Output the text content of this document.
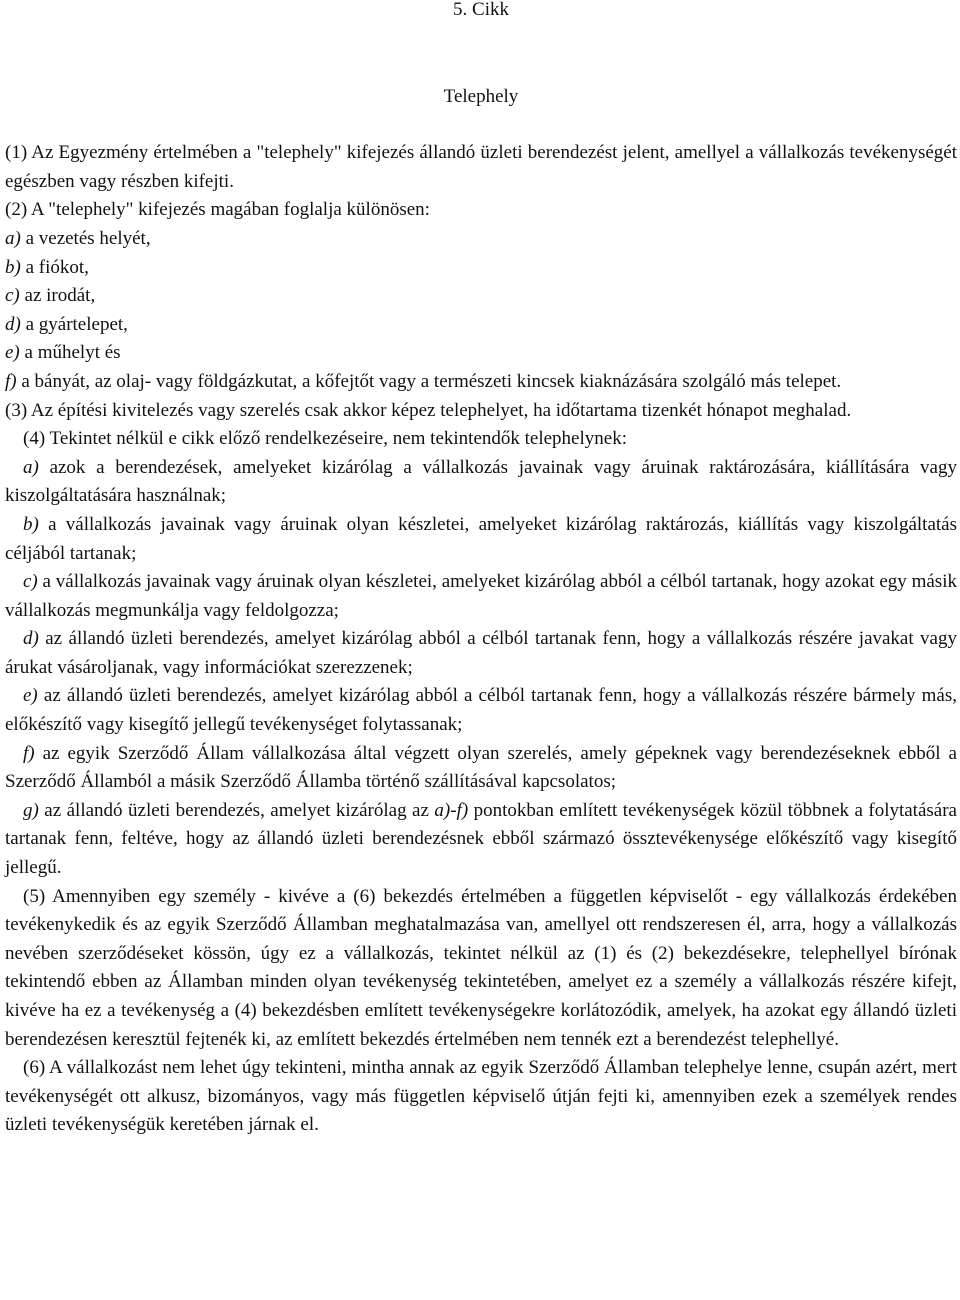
5. Cikk

Telephely

(1) Az Egyezmény értelmében a "telephely" kifejezés állandó üzleti berendezést jelent, amellyel a vállalkozás tevékenységét egészben vagy részben kifejti.

(2) A "telephely" kifejezés magában foglalja különösen:

a) a vezetés helyét,

b) a fiókot,

c) az irodát,

d) a gyártelepet,

e) a műhelyt és

f) a bányát, az olaj- vagy földgázkutat, a kőfejtőt vagy a természeti kincsek kiaknázására szolgáló más telepet.

(3) Az építési kivitelezés vagy szerelés csak akkor képez telephelyet, ha időtartama tizenkét hónapot meghalad.

(4) Tekintet nélkül e cikk előző rendelkezéseire, nem tekintendők telephelynek:

a) azok a berendezések, amelyeket kizárólag a vállalkozás javainak vagy áruinak raktározására, kiállítására vagy kiszolgáltatására használnak;

b) a vállalkozás javainak vagy áruinak olyan készletei, amelyeket kizárólag raktározás, kiállítás vagy kiszolgáltatás céljából tartanak;

c) a vállalkozás javainak vagy áruinak olyan készletei, amelyeket kizárólag abból a célból tartanak, hogy azokat egy másik vállalkozás megmunkálja vagy feldolgozza;

d) az állandó üzleti berendezés, amelyet kizárólag abból a célból tartanak fenn, hogy a vállalkozás részére javakat vagy árukat vásároljanak, vagy információkat szerezzenek;

e) az állandó üzleti berendezés, amelyet kizárólag abból a célból tartanak fenn, hogy a vállalkozás részére bármely más, előkészítő vagy kisegítő jellegű tevékenységet folytassanak;

f) az egyik Szerződő Állam vállalkozása által végzett olyan szerelés, amely gépeknek vagy berendezéseknek ebből a Szerződő Államból a másik Szerződő Államba történő szállításával kapcsolatos;

g) az állandó üzleti berendezés, amelyet kizárólag az a)-f) pontokban említett tevékenységek közül többnek a folytatására tartanak fenn, feltéve, hogy az állandó üzleti berendezésnek ebből származó össztevékenysége előkészítő vagy kisegítő jellegű.

(5) Amennyiben egy személy - kivéve a (6) bekezdés értelmében a független képviselőt - egy vállalkozás érdekében tevékenykedik és az egyik Szerződő Államban meghatalmazása van, amellyel ott rendszeresen él, arra, hogy a vállalkozás nevében szerződéseket kössön, úgy ez a vállalkozás, tekintet nélkül az (1) és (2) bekezdésekre, telephellyel bírónak tekintendő ebben az Államban minden olyan tevékenység tekintetében, amelyet ez a személy a vállalkozás részére kifejt, kivéve ha ez a tevékenység a (4) bekezdésben említett tevékenységekre korlátozódik, amelyek, ha azokat egy állandó üzleti berendezésen keresztül fejtenék ki, az említett bekezdés értelmében nem tennék ezt a berendezést telephellyé.

(6) A vállalkozást nem lehet úgy tekinteni, mintha annak az egyik Szerződő Államban telephelye lenne, csupán azért, mert tevékenységét ott alkusz, bizományos, vagy más független képviselő útján fejti ki, amennyiben ezek a személyek rendes üzleti tevékenységük keretében járnak el.
